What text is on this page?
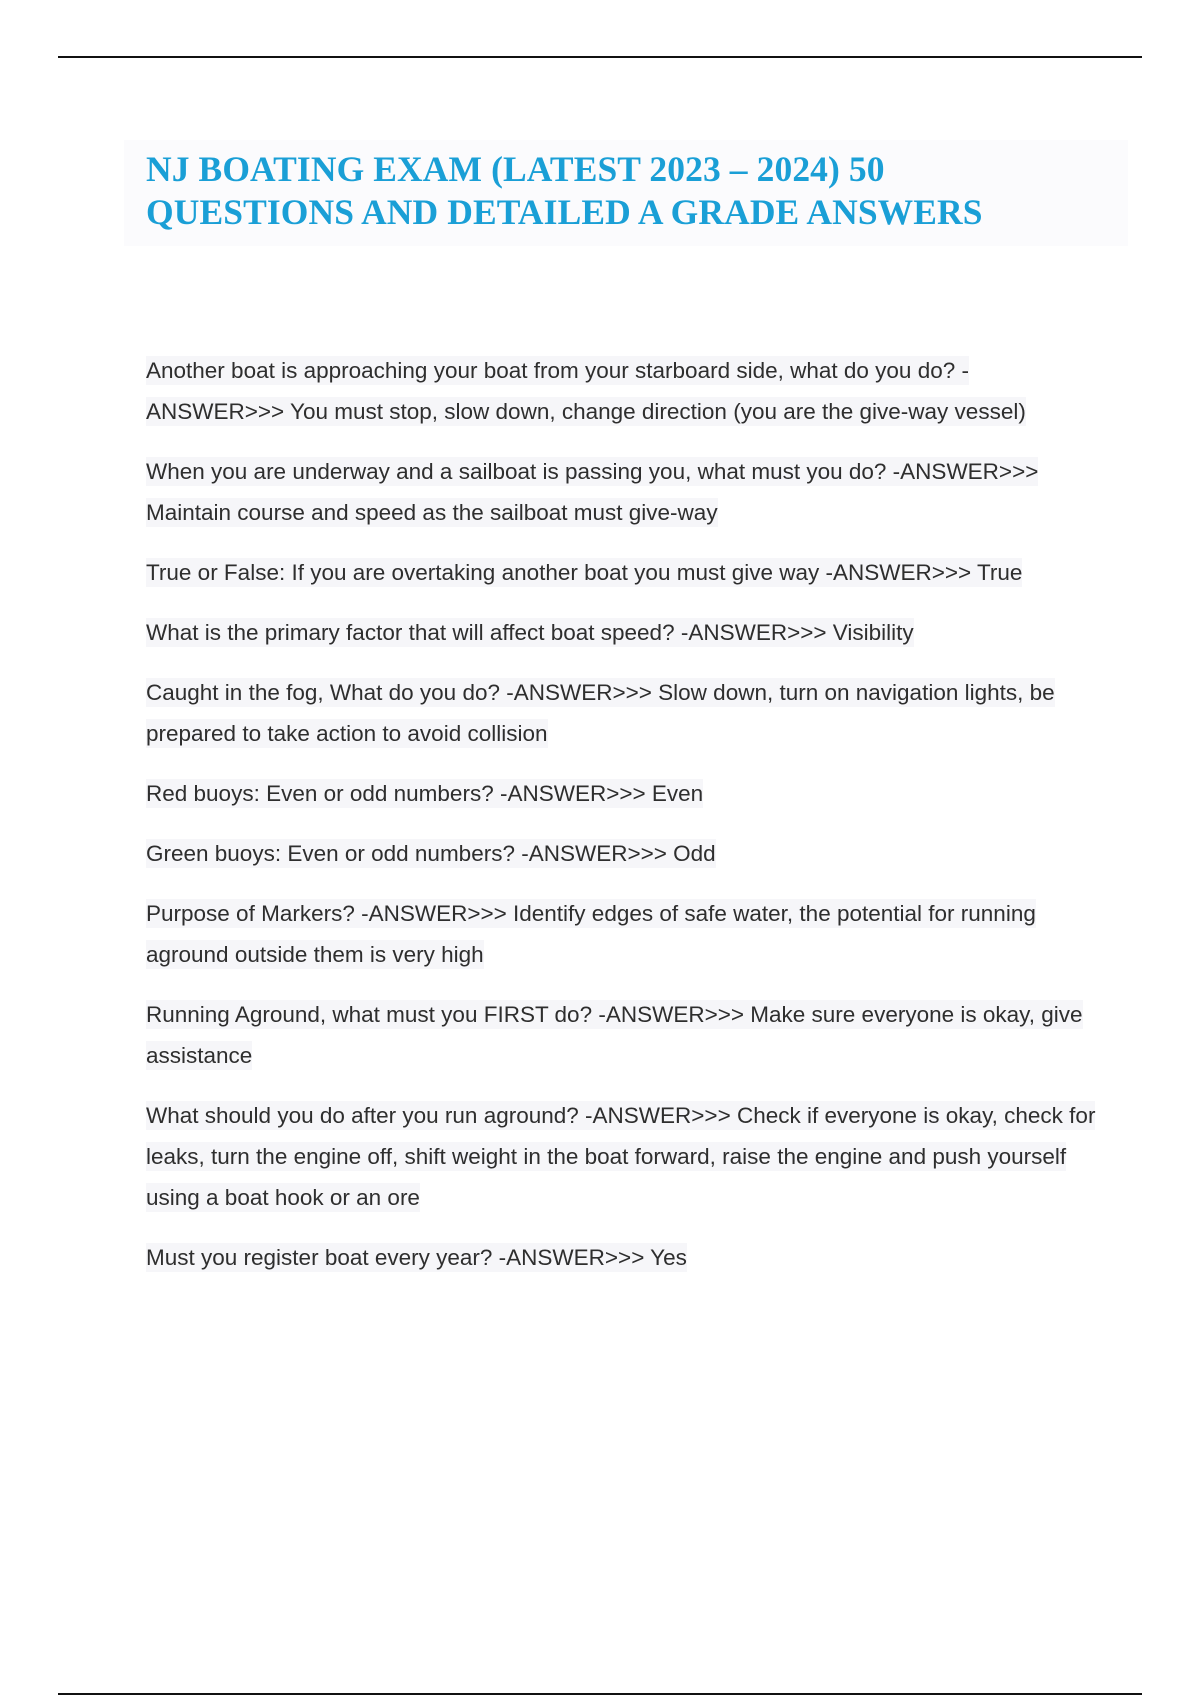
NJ BOATING EXAM (LATEST 2023 – 2024) 50
QUESTIONS AND DETAILED A GRADE ANSWERS

Another boat is approaching your boat from your starboard side, what do you do? -ANSWER>>> You must stop, slow down, change direction (you are the give-way vessel)

When you are underway and a sailboat is passing you, what must you do? -ANSWER>>> Maintain course and speed as the sailboat must give-way

True or False: If you are overtaking another boat you must give way -ANSWER>>> True

What is the primary factor that will affect boat speed? -ANSWER>>> Visibility

Caught in the fog, What do you do? -ANSWER>>> Slow down, turn on navigation lights, be prepared to take action to avoid collision

Red buoys: Even or odd numbers? -ANSWER>>> Even

Green buoys: Even or odd numbers? -ANSWER>>> Odd

Purpose of Markers? -ANSWER>>> Identify edges of safe water, the potential for running aground outside them is very high

Running Aground, what must you FIRST do? -ANSWER>>> Make sure everyone is okay, give assistance

What should you do after you run aground? -ANSWER>>> Check if everyone is okay, check for leaks, turn the engine off, shift weight in the boat forward, raise the engine and push yourself using a boat hook or an ore

Must you register boat every year? -ANSWER>>> Yes
